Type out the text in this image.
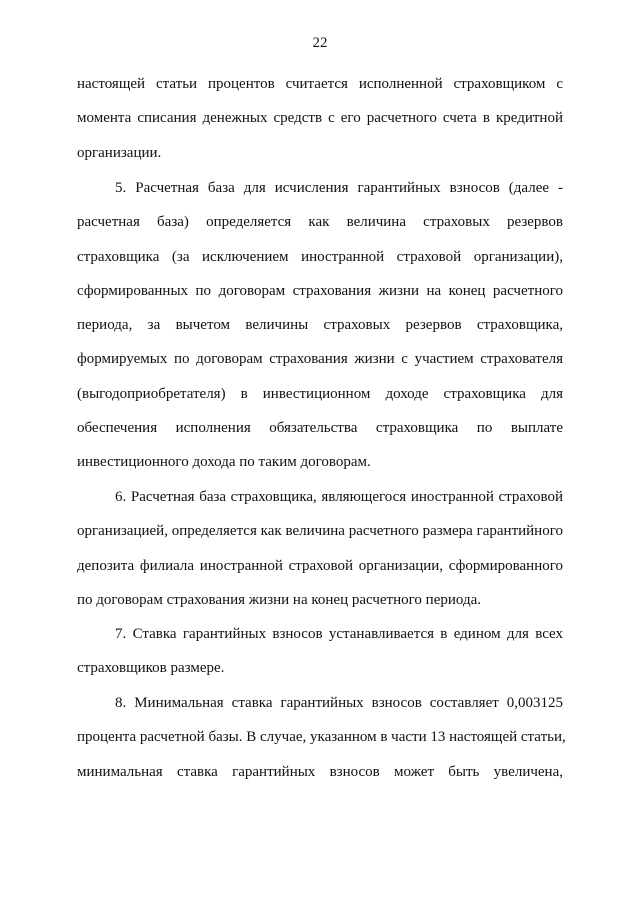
22
настоящей статьи процентов считается исполненной страховщиком с
момента списания денежных средств с его расчетного счета в кредитной
организации.
5. Расчетная база для исчисления гарантийных взносов (далее -
расчетная база) определяется как величина страховых резервов
страховщика (за исключением иностранной страховой организации),
сформированных по договорам страхования жизни на конец расчетного
периода, за вычетом величины страховых резервов страховщика,
формируемых по договорам страхования жизни с участием страхователя
(выгодоприобретателя) в инвестиционном доходе страховщика для
обеспечения исполнения обязательства страховщика по выплате
инвестиционного дохода по таким договорам.
6. Расчетная база страховщика, являющегося иностранной страховой
организацией, определяется как величина расчетного размера гарантийного
депозита филиала иностранной страховой организации, сформированного
по договорам страхования жизни на конец расчетного периода.
7. Ставка гарантийных взносов устанавливается в едином для всех
страховщиков размере.
8. Минимальная ставка гарантийных взносов составляет 0,003125
процента расчетной базы. В случае, указанном в части 13 настоящей статьи,
минимальная ставка гарантийных взносов может быть увеличена,
